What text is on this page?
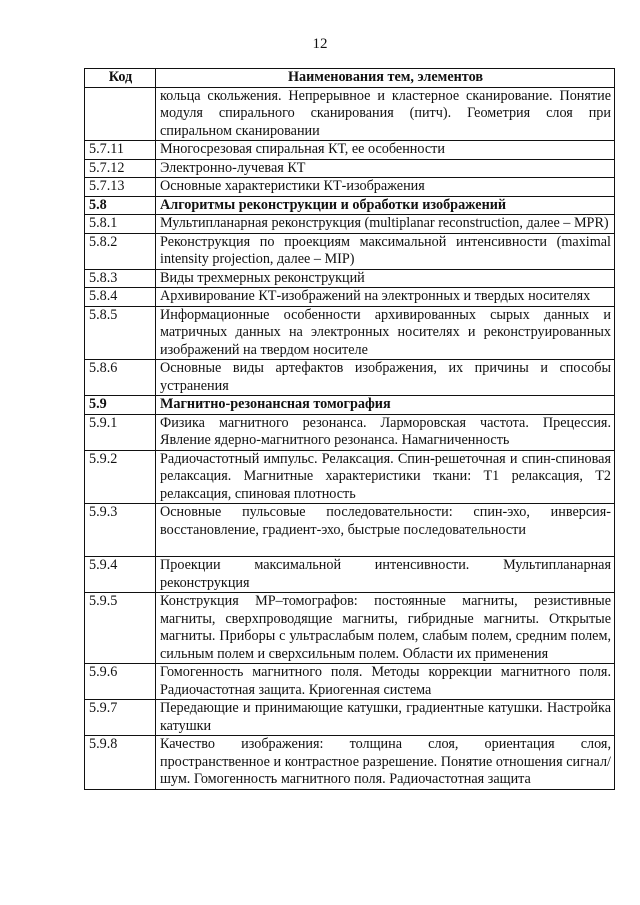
12
Код	Наименования тем, элементов
	кольца скольжения. Непрерывное и кластерное сканирование. Понятие модуля спирального сканирования (питч). Геометрия слоя при спиральном сканировании
5.7.11	Многосрезовая спиральная КТ, ее особенности
5.7.12	Электронно-лучевая КТ
5.7.13	Основные характеристики КТ-изображения
5.8	Алгоритмы реконструкции и обработки изображений
5.8.1	Мультипланарная реконструкция (multiplanar reconstruction, далее – MPR)
5.8.2	Реконструкция по проекциям максимальной интенсивности (maximal intensity projection, далее – MIP)
5.8.3	Виды трехмерных реконструкций
5.8.4	Архивирование КТ-изображений на электронных и твердых носителях
5.8.5	Информационные особенности архивированных сырых данных и матричных данных на электронных носителях и реконструированных изображений на твердом носителе
5.8.6	Основные виды артефактов изображения, их причины и способы устранения
5.9	Магнитно-резонансная томография
5.9.1	Физика магнитного резонанса. Ларморовская частота. Прецессия. Явление ядерно-магнитного резонанса. Намагниченность
5.9.2	Радиочастотный импульс. Релаксация. Спин-решеточная и спин-спиновая релаксация. Магнитные характеристики ткани: T1 релаксация, T2 релаксация, спиновая плотность
5.9.3	Основные пульсовые последовательности: спин-эхо, инверсия-восстановление, градиент-эхо, быстрые последовательности
5.9.4	Проекции максимальной интенсивности. Мультипланарная реконструкция
5.9.5	Конструкция МР–томографов: постоянные магниты, резистивные магниты, сверхпроводящие магниты, гибридные магниты. Открытые магниты. Приборы с ультраслабым полем, слабым полем, средним полем, сильным полем и сверхсильным полем. Области их применения
5.9.6	Гомогенность магнитного поля. Методы коррекции магнитного поля. Радиочастотная защита. Криогенная система
5.9.7	Передающие и принимающие катушки, градиентные катушки. Настройка катушки
5.9.8	Качество изображения: толщина слоя, ориентация слоя, пространственное и контрастное разрешение. Понятие отношения сигнал/шум. Гомогенность магнитного поля. Радиочастотная защита
